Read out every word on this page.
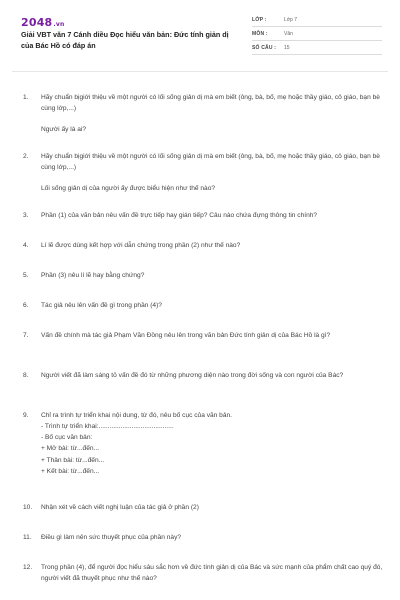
2048.vn
Giải VBT văn 7 Cánh diều Đọc hiểu văn bản: Đức tính giản dị của Bác Hồ có đáp án
LỚP :	Lớp 7
MÔN :	Văn
SỐ CÂU :	15
1. Hãy chuẩn bịgiới thiệu về một người có lối sống giản dị mà em biết (ông, bà, bố, mẹ hoặc thầy giáo, cô giáo, bạn bè cùng lớp,...)
Người ấy là ai?
2. Hãy chuẩn bịgiới thiệu về một người có lối sống giản dị mà em biết (ông, bà, bố, mẹ hoặc thầy giáo, cô giáo, bạn bè cùng lớp,...)
Lối sống giản dị của người ấy được biểu hiện như thế nào?
3. Phần (1) của văn bản nêu vấn đề trực tiếp hay gián tiếp? Câu nào chứa đựng thông tin chính?
4. Lí lẽ được dùng kết hợp với dẫn chứng trong phần (2) như thế nào?
5. Phần (3) nêu lí lẽ hay bằng chứng?
6. Tác giả nêu lên vấn đề gì trong phần (4)?
7. Vấn đề chính mà tác giả Phạm Văn Đồng nêu lên trong văn bản Đức tính giản dị của Bác Hồ là gì?
8. Người viết đã làm sáng tỏ vấn đề đó từ những phương diện nào trong đời sống và con người của Bác?
9. Chỉ ra trình tự triển khai nội dung, từ đó, nêu bố cục của văn bản.
- Trình tự triển khai:.........................................
- Bố cục văn bản:
+ Mở bài: từ...đến...
+ Thân bài: từ...đến...
+ Kết bài: từ...đến...
10. Nhận xét về cách viết nghị luận của tác giả ở phần (2)
11. Điều gì làm nên sức thuyết phục của phần này?
12. Trong phần (4), để người đọc hiểu sâu sắc hơn về đức tính giản dị của Bác và sức mạnh của phẩm chất cao quý đó, người viết đã thuyết phục như thế nào?
